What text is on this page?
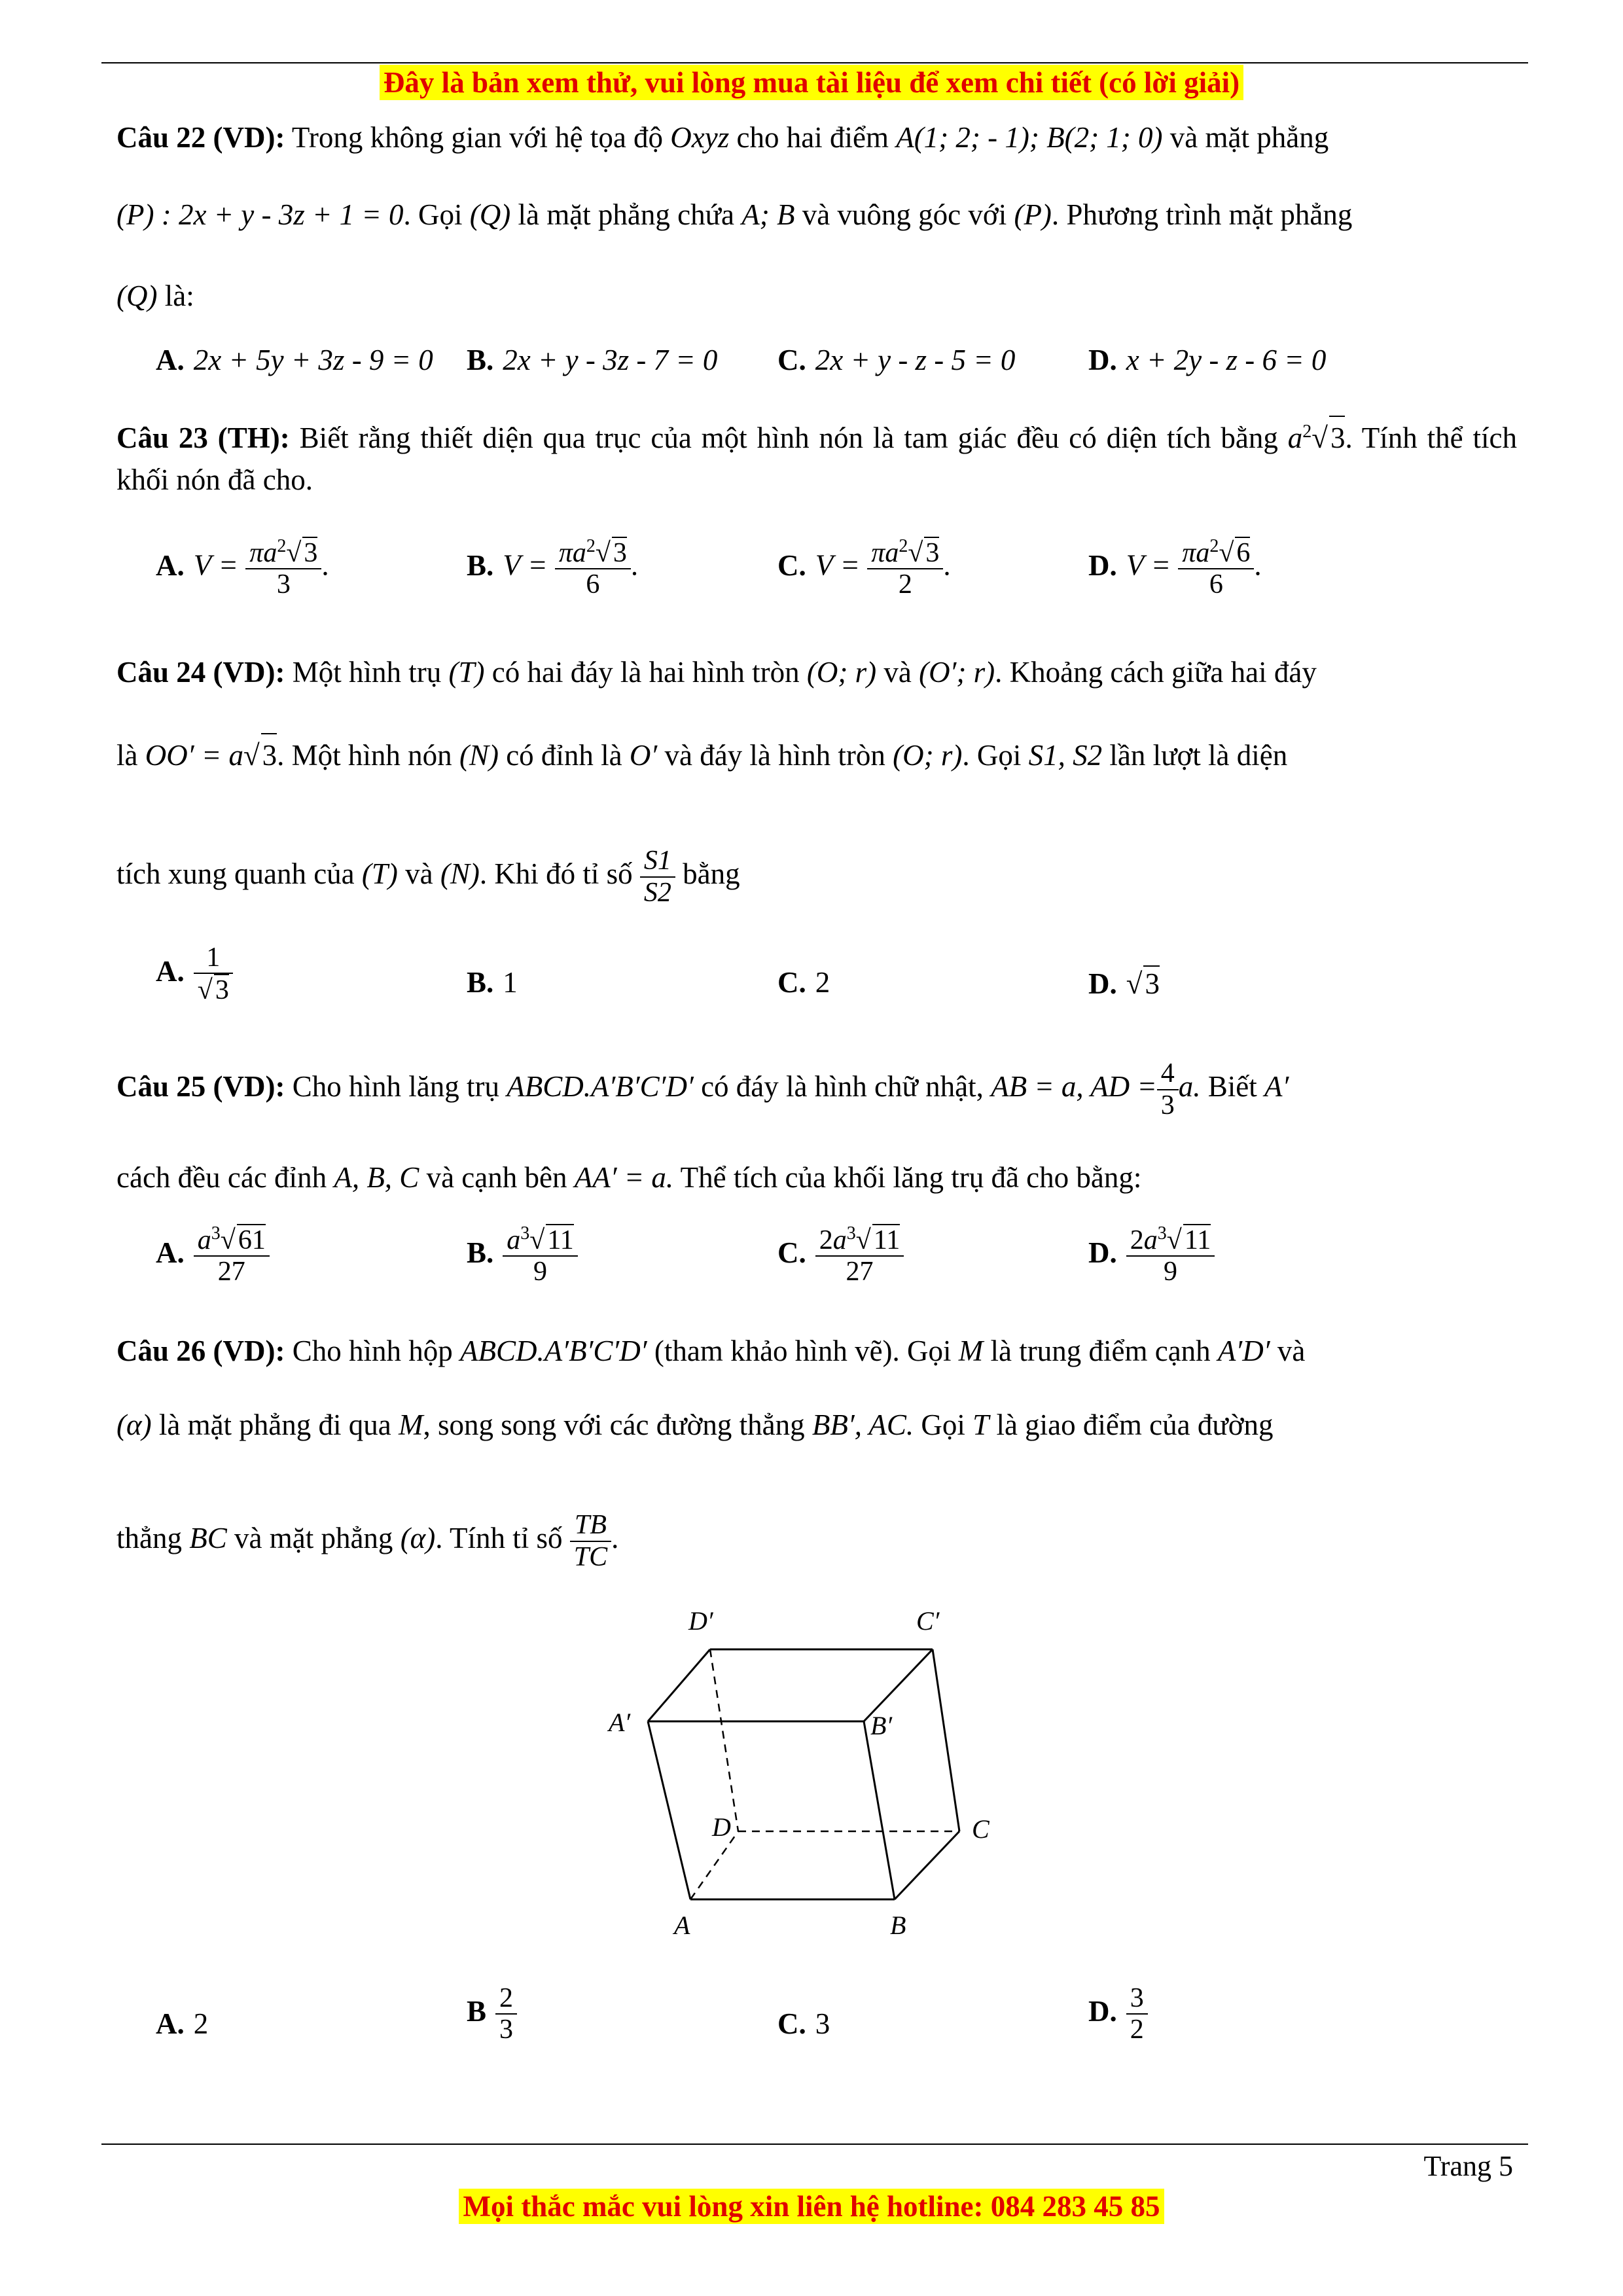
Đây là bản xem thử, vui lòng mua tài liệu để xem chi tiết (có lời giải)
Câu 22 (VD): Trong không gian với hệ tọa độ Oxyz cho hai điểm A(1; 2; - 1); B(2; 1; 0) và mặt phẳng
(P) : 2x + y - 3z + 1 = 0. Gọi (Q) là mặt phẳng chứa A; B và vuông góc với (P). Phương trình mặt phẳng
(Q) là:
A. 2x + 5y + 3z - 9 = 0 B. 2x + y - 3z - 7 = 0 C. 2x + y - z - 5 = 0 D. x + 2y - z - 6 = 0
Câu 23 (TH): Biết rằng thiết diện qua trục của một hình nón là tam giác đều có diện tích bằng $a^2√3$. Tính thể tích khối nón đã cho.
A. $V = \frac{\pi a^2√3}{3}$ .	B. $V = \frac{\pi a^2√3}{6}$ .	C. $V = \frac{\pi a^2√3}{2}$ .	D. $V = \frac{\pi a^2√6}{6}$ .
Câu 24 (VD): Một hình trụ (T) có hai đáy là hai hình tròn (O; r) và (O′; r). Khoảng cách giữa hai đáy
là OO′ = a√3. Một hình nón (N) có đỉnh là O′ và đáy là hình tròn (O; r). Gọi S1, S2 lần lượt là diện
tích xung quanh của (T) và (N). Khi đó tỉ số $\frac{S1}{S2}$ bằng
A. $\frac{1}{√3}$	B. 1	C. 2	D. √3
Câu 25 (VD): Cho hình lăng trụ ABCD.A′B′C′D′ có đáy là hình chữ nhật, AB = a, AD = $\frac{4}{3} a$. Biết A′
cách đều các đỉnh A, B, C và cạnh bên AA′ = a. Thể tích của khối lăng trụ đã cho bằng:
A. $\frac{a^3√61}{27}$	B. $\frac{a^3√11}{9}$	C. $\frac{2a^3√11}{27}$	D. $\frac{2a^3√11}{9}$
Câu 26 (VD): Cho hình hộp ABCD.A′B′C′D′ (tham khảo hình vẽ). Gọi M là trung điểm cạnh A′D′ và
(α) là mặt phẳng đi qua M, song song với các đường thẳng BB′, AC. Gọi T là giao điểm của đường
thẳng BC và mặt phẳng (α). Tính tỉ số $\frac{TB}{TC}$ .
D′	C′
A′	B′
D	C
A	B
A. 2	B $\frac{2}{3}$	C. 3	D. $\frac{3}{2}$
Trang 5
Mọi thắc mắc vui lòng xin liên hệ hotline: 084 283 45 85
